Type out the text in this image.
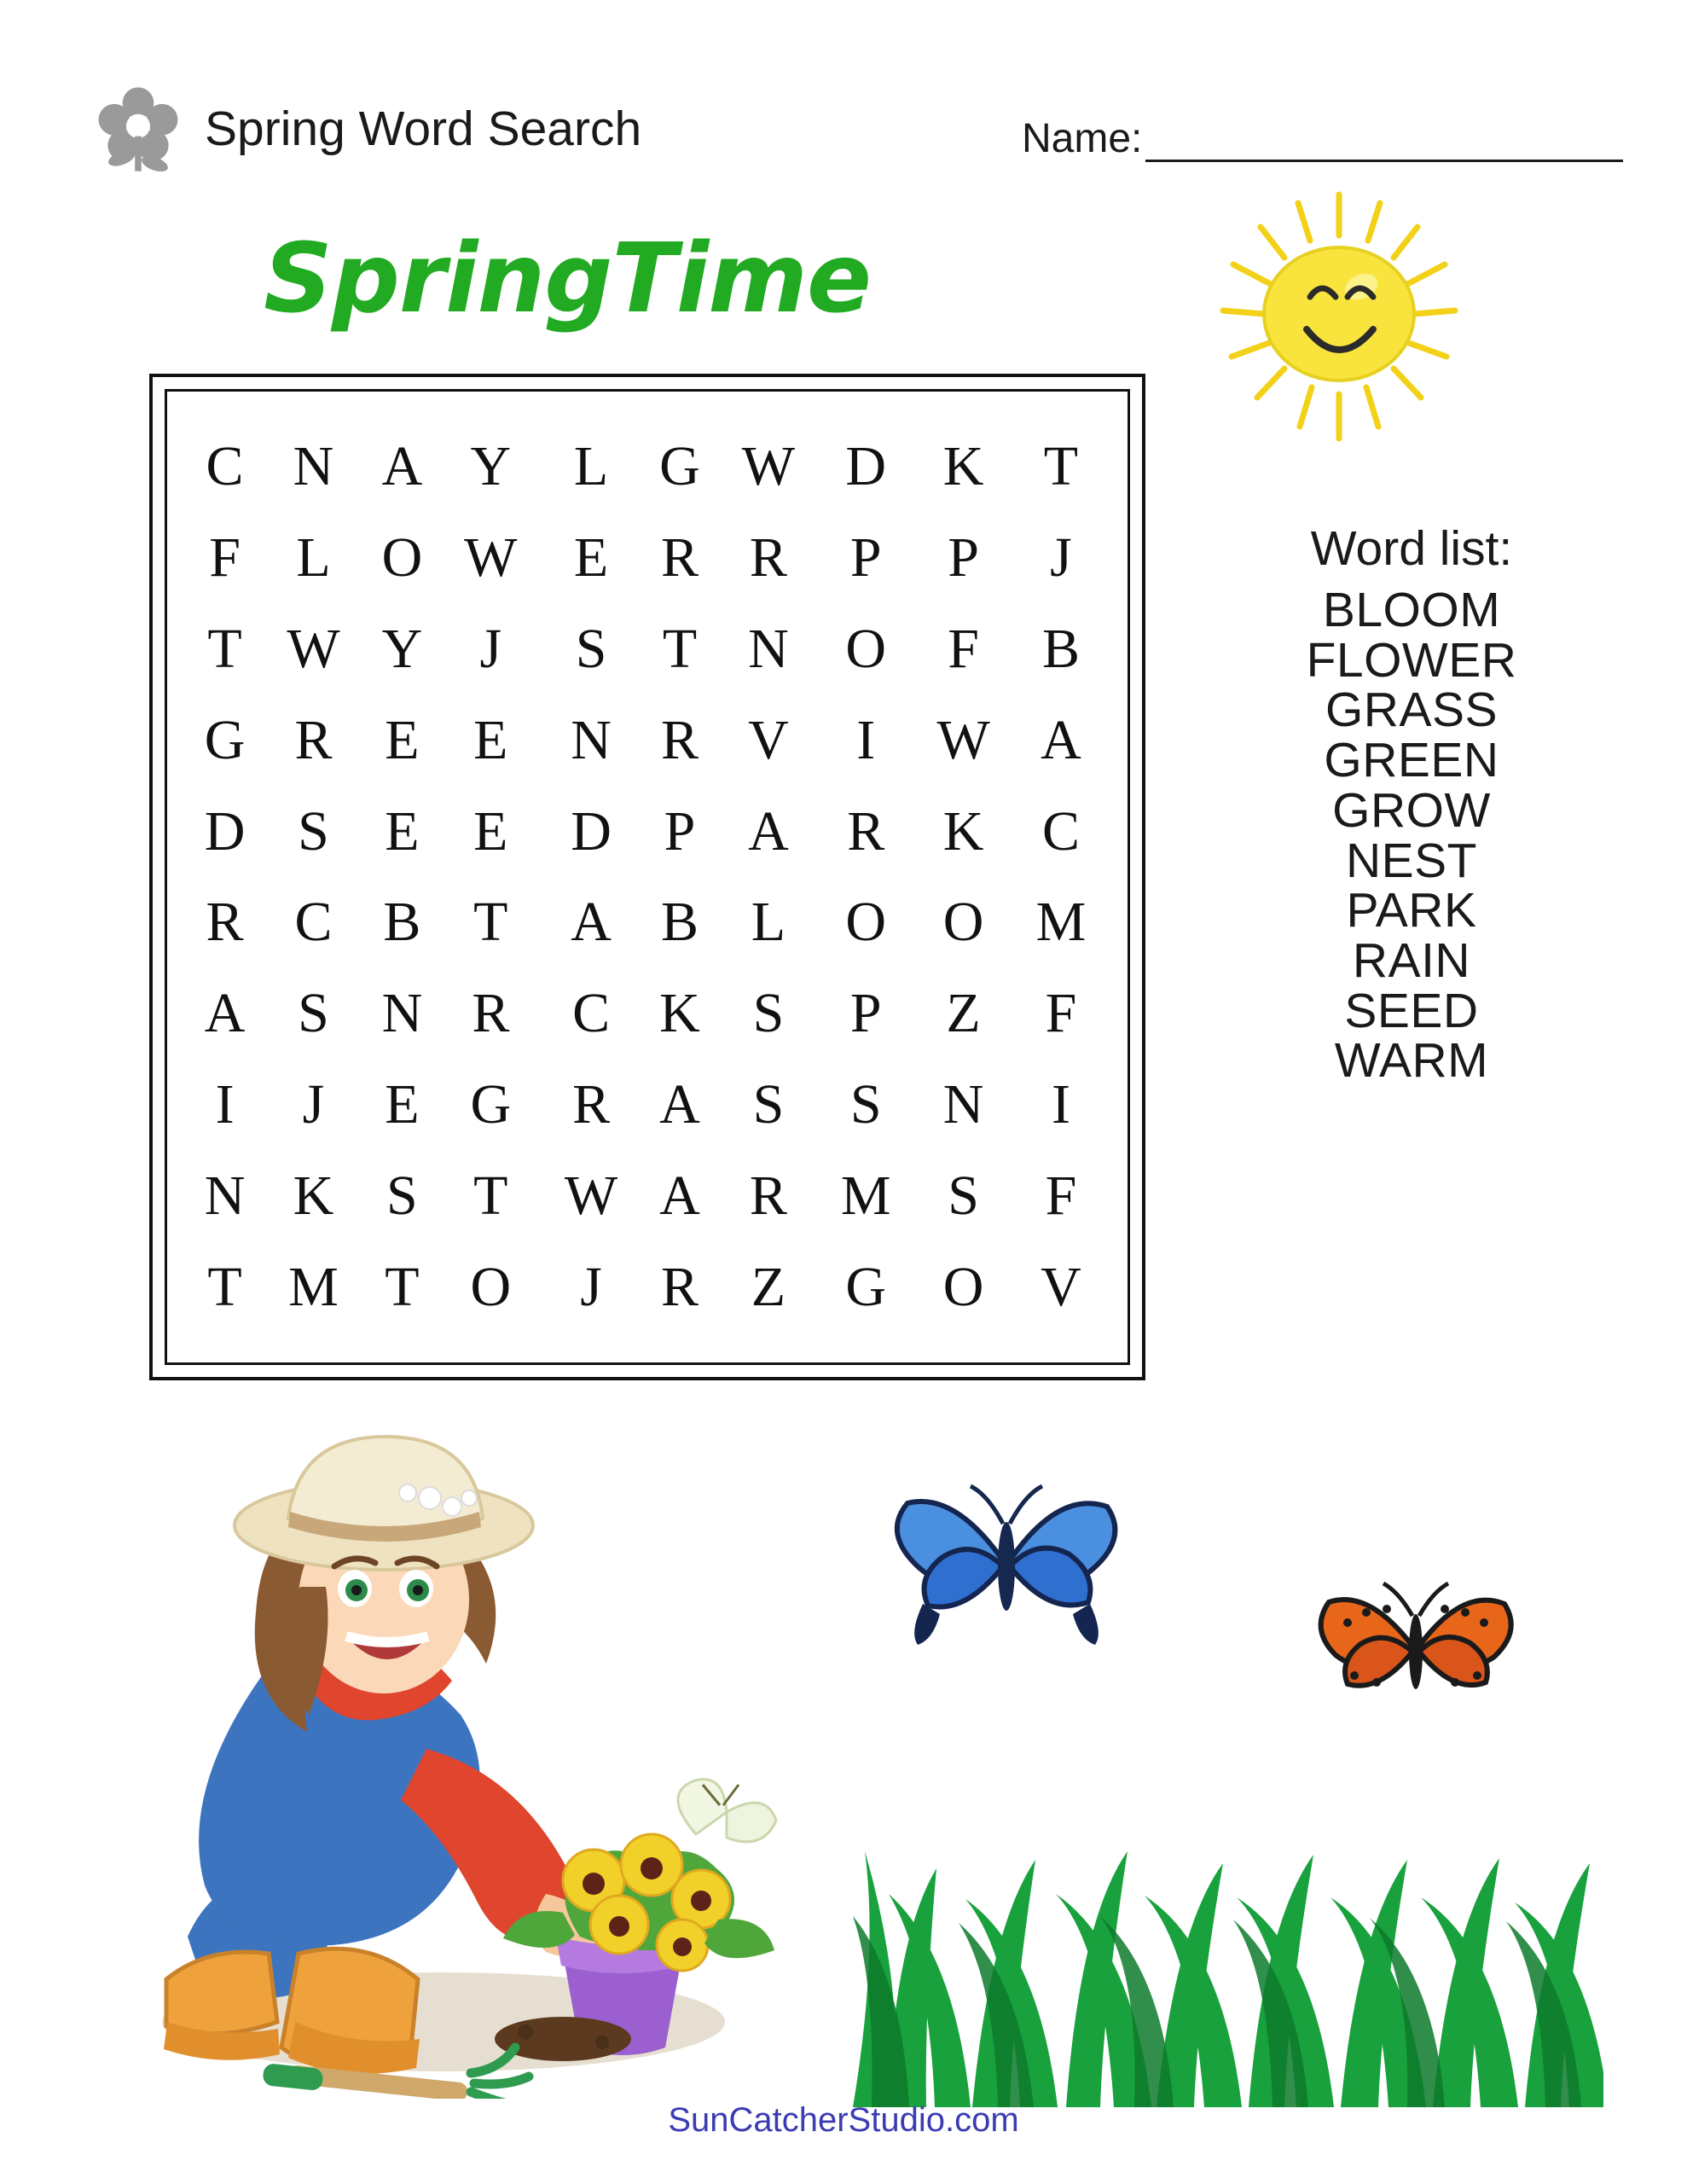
Spring Word Search	Name:
SpringTime
C	N	A	Y	L	G	W	D	K	T
F	L	O	W	E	R	R	P	P	J
T	W	Y	J	S	T	N	O	F	B
G	R	E	E	N	R	V	I	W	A
D	S	E	E	D	P	A	R	K	C
R	C	B	T	A	B	L	O	O	M
A	S	N	R	C	K	S	P	Z	F
I	J	E	G	R	A	S	S	N	I
N	K	S	T	W	A	R	M	S	F
T	M	T	O	J	R	Z	G	O	V
Word list:
BLOOM
FLOWER
GRASS
GREEN
GROW
NEST
PARK
RAIN
SEED
WARM
SunCatcherStudio.com
